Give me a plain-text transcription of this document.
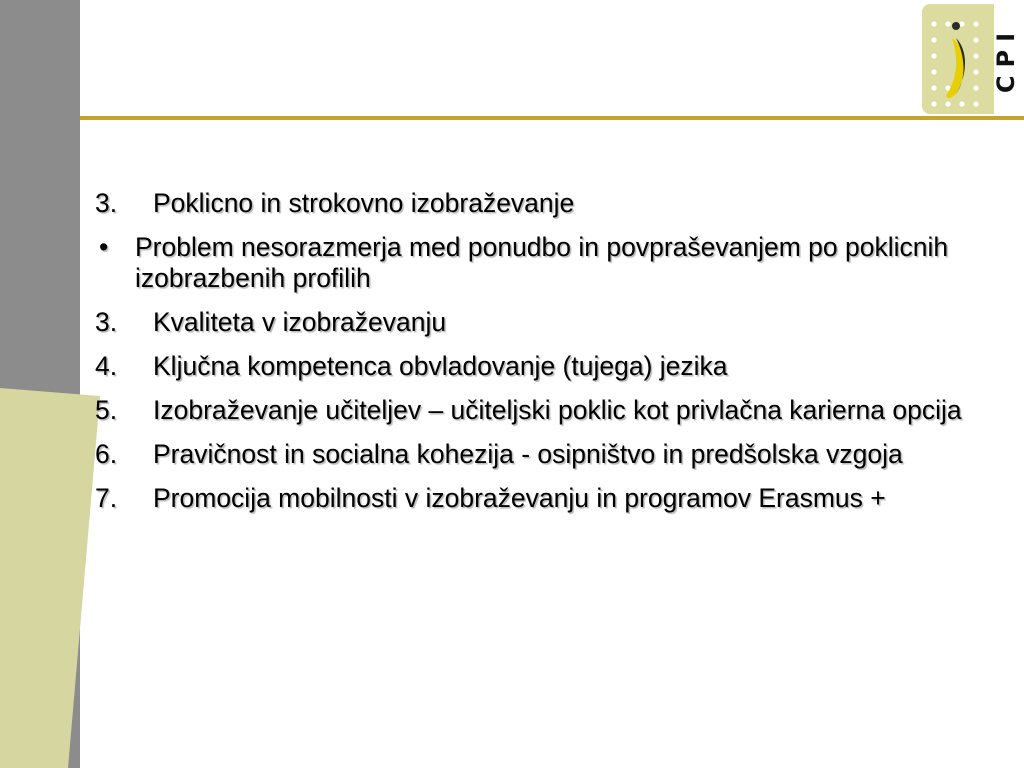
CPI
3.	Poklicno in strokovno izobraževanje
•	Problem nesorazmerja med ponudbo in povpraševanjem po poklicnih izobrazbenih profilih
3.	Kvaliteta v izobraževanju
4.	Ključna kompetenca obvladovanje (tujega) jezika
5.	Izobraževanje učiteljev – učiteljski poklic kot privlačna karierna opcija
6.	Pravičnost in socialna kohezija - osipništvo in predšolska vzgoja
7.	Promocija mobilnosti v izobraževanju in programov Erasmus +
